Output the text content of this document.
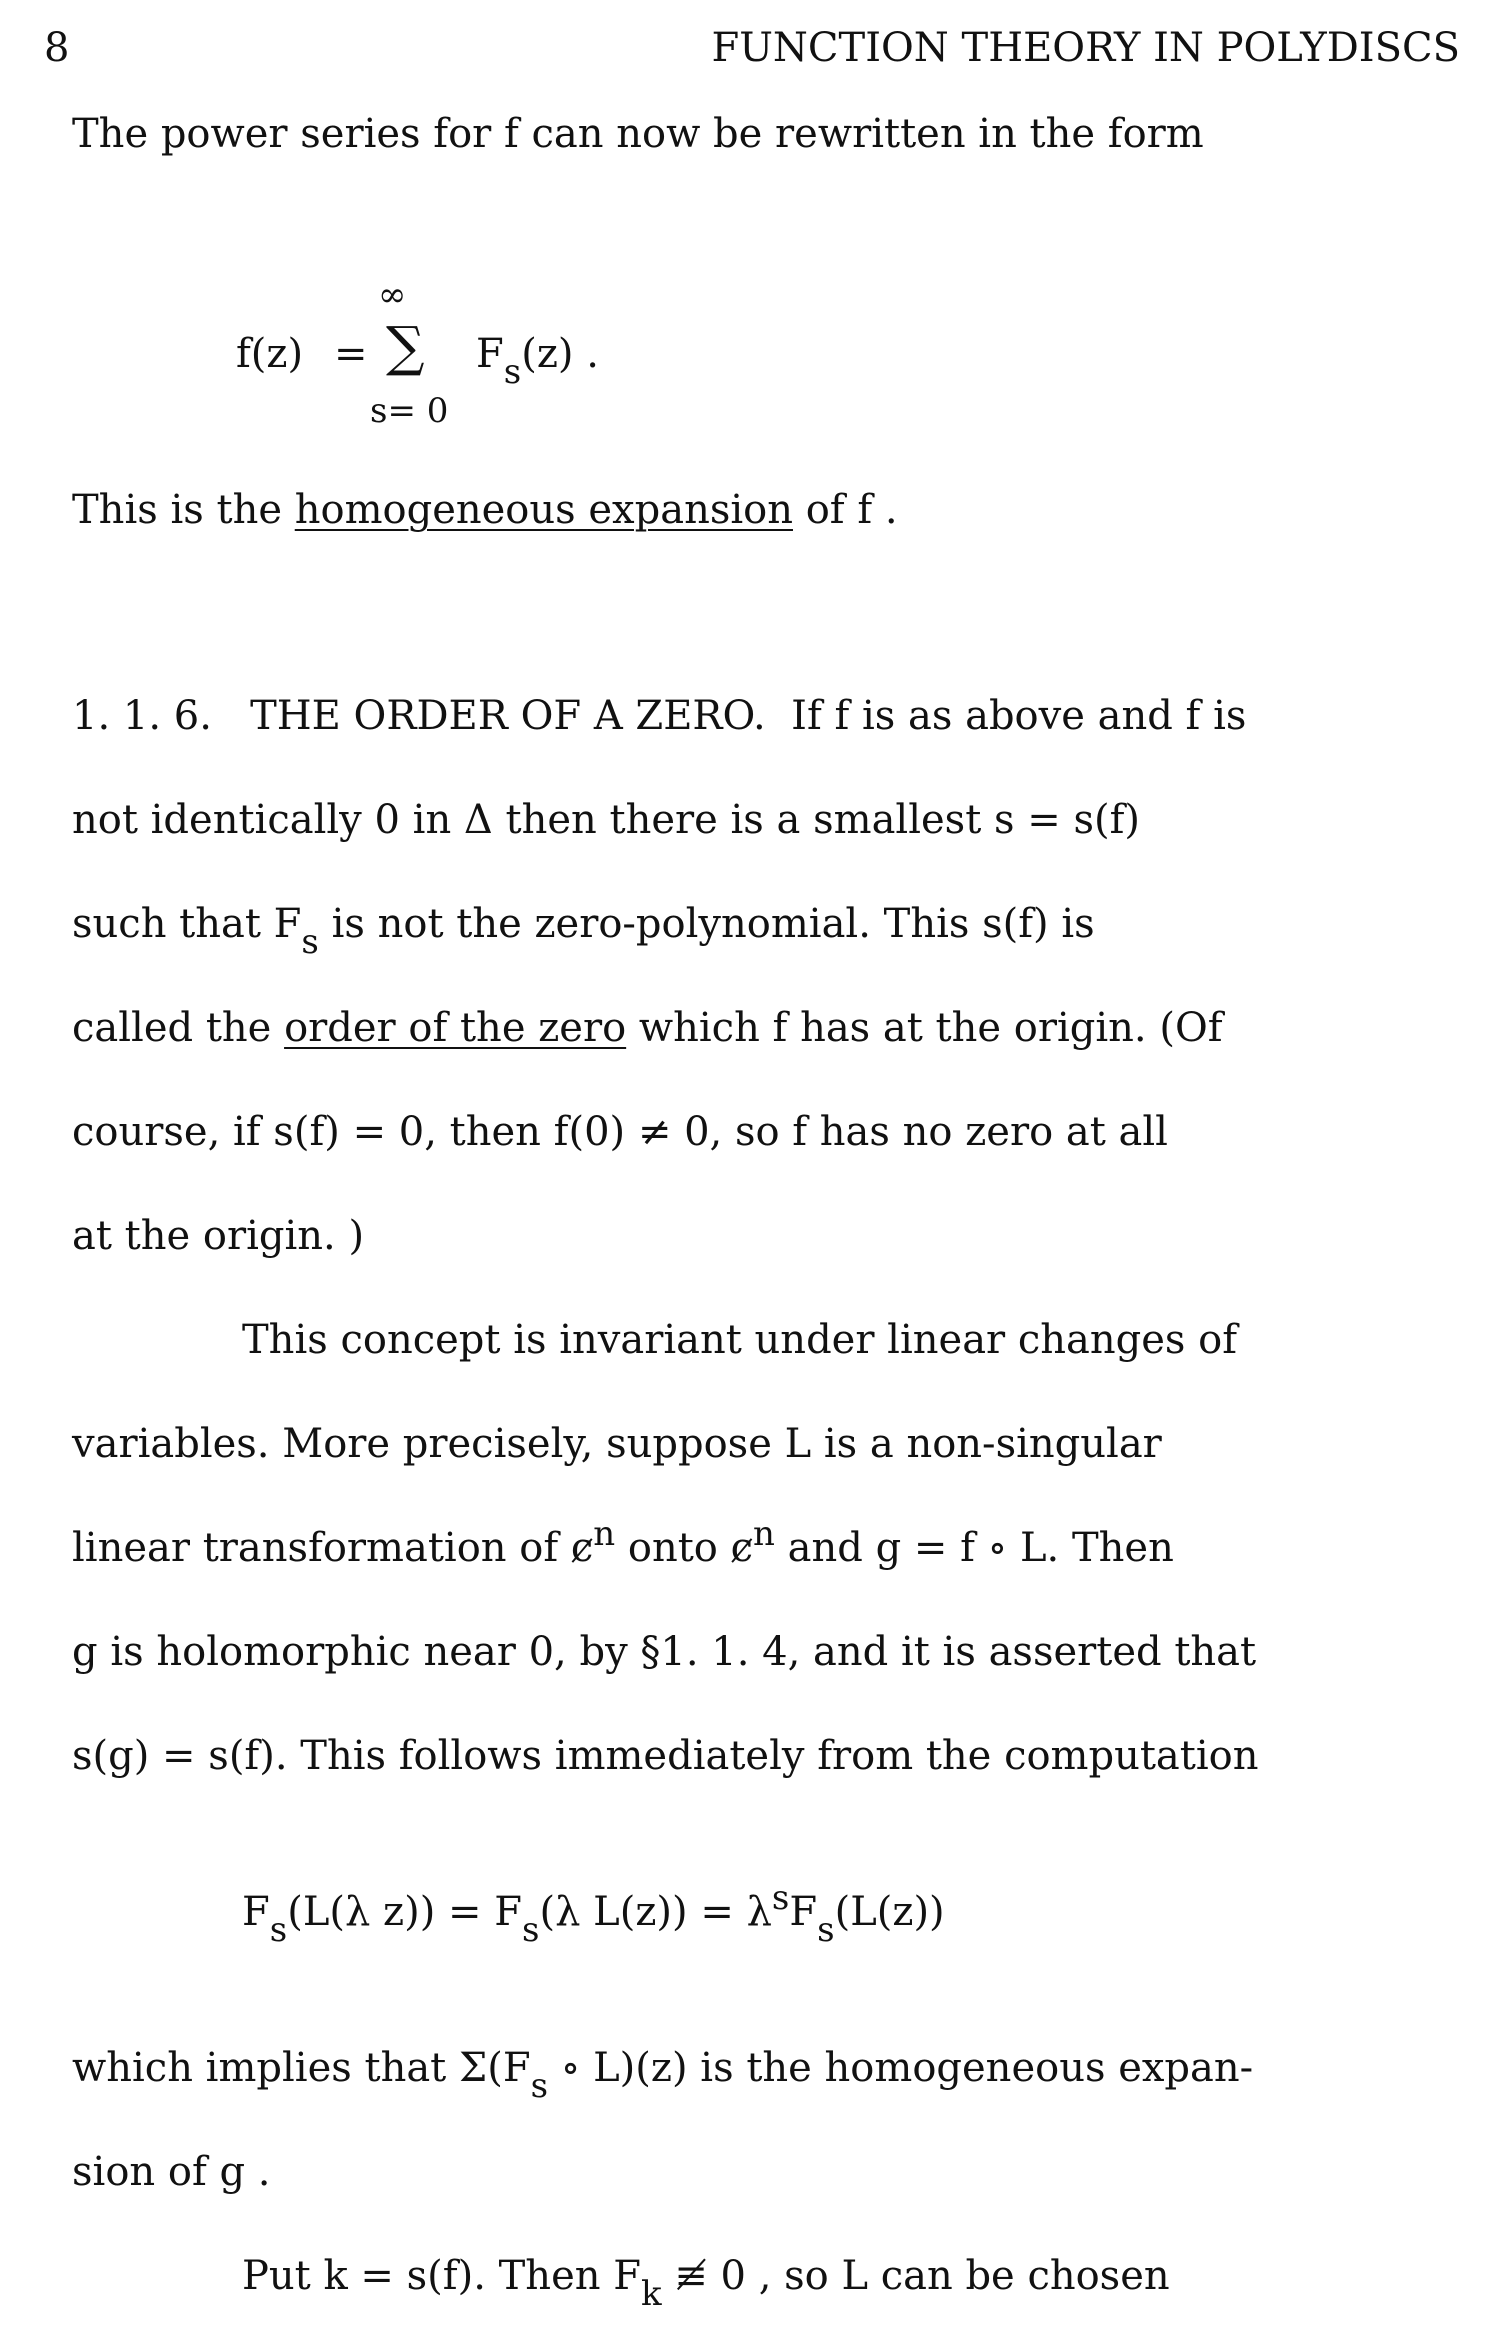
8	FUNCTION THEORY IN POLYDISCS
The power series for f can now be rewritten in the form
f(z) =
∞
∑
s= 0
$F_s(z)$ .
This is the homogeneous expansion of f .
1. 1. 6. THE ORDER OF A ZERO. If f is as above and f is
not identically 0 in Δ then there is a smallest s = s(f)
such that $F_s$ is not the zero-polynomial. This s(f) is
called the order of the zero which f has at the origin. (Of
course, if s(f) = 0, then f(0) ≠ 0, so f has no zero at all
at the origin. )
This concept is invariant under linear changes of
variables. More precisely, suppose L is a non-singular
linear transformation of $ȼ^n$ onto $ȼ^n$ and g = f ∘ L. Then
g is holomorphic near 0, by §1. 1. 4, and it is asserted that
s(g) = s(f). This follows immediately from the computation
$F_s(L(\lambda$ $z)) = F_s(\lambda$ $L(z)) = \lambda^sF_s(L(z))$
which implies that $\Sigma(F_s$ ∘ L)(z) is the homogeneous expan-
sion of g .
Put k = s(f). Then $F_k$ ≢ 0 , so L can be chosen
